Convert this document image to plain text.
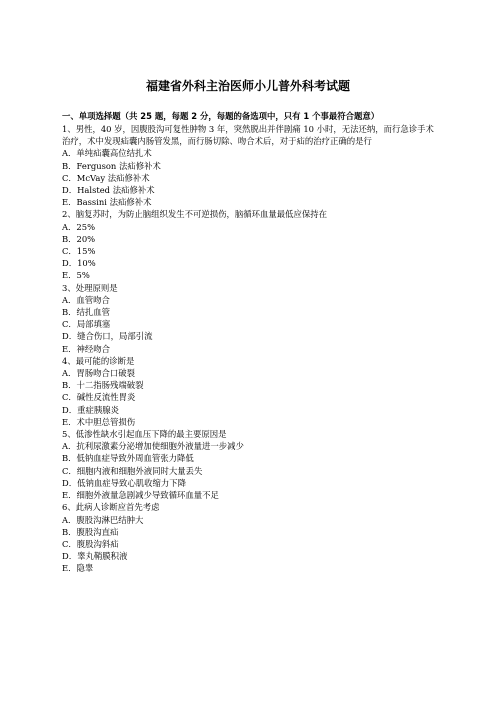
福建省外科主治医师小儿普外科考试题

一、单项选择题（共 25 题，每题 2 分，每题的备选项中，只有 1 个事最符合题意）

1、男性，40 岁，因腹股沟可复性肿物 3 年，突然脱出并伴剧痛 10 小时，无法还纳，而行急诊手术治疗，术中发现疝囊内肠管发黑，而行肠切除、吻合术后，对于疝的治疗正确的是行

A．单纯疝囊高位结扎术

B．Ferguson 法疝修补术

C．McVay 法疝修补术

D．Halsted 法疝修补术

E．Bassini 法疝修补术

2、脑复苏时，为防止脑组织发生不可逆损伤，脑循环血量最低应保持在

A．25%

B．20%

C．15%

D．10%

E．5%

3、处理原则是

A．血管吻合

B．结扎血管

C．局部填塞

D．缝合伤口，局部引流

E．神经吻合

4、最可能的诊断是

A．胃肠吻合口破裂

B．十二指肠残端破裂

C．碱性反流性胃炎

D．重症胰腺炎

E．术中胆总管损伤

5、低渗性缺水引起血压下降的最主要原因是

A．抗利尿激素分泌增加使细胞外液量进一步减少

B．低钠血症导致外周血管张力降低

C．细胞内液和细胞外液同时大量丢失

D．低钠血症导致心肌收缩力下降

E．细胞外液量急剧减少导致循环血量不足

6、此病人诊断应首先考虑

A．腹股沟淋巴结肿大

B．腹股沟直疝

C．腹股沟斜疝

D．睾丸鞘膜积液

E．隐睾
